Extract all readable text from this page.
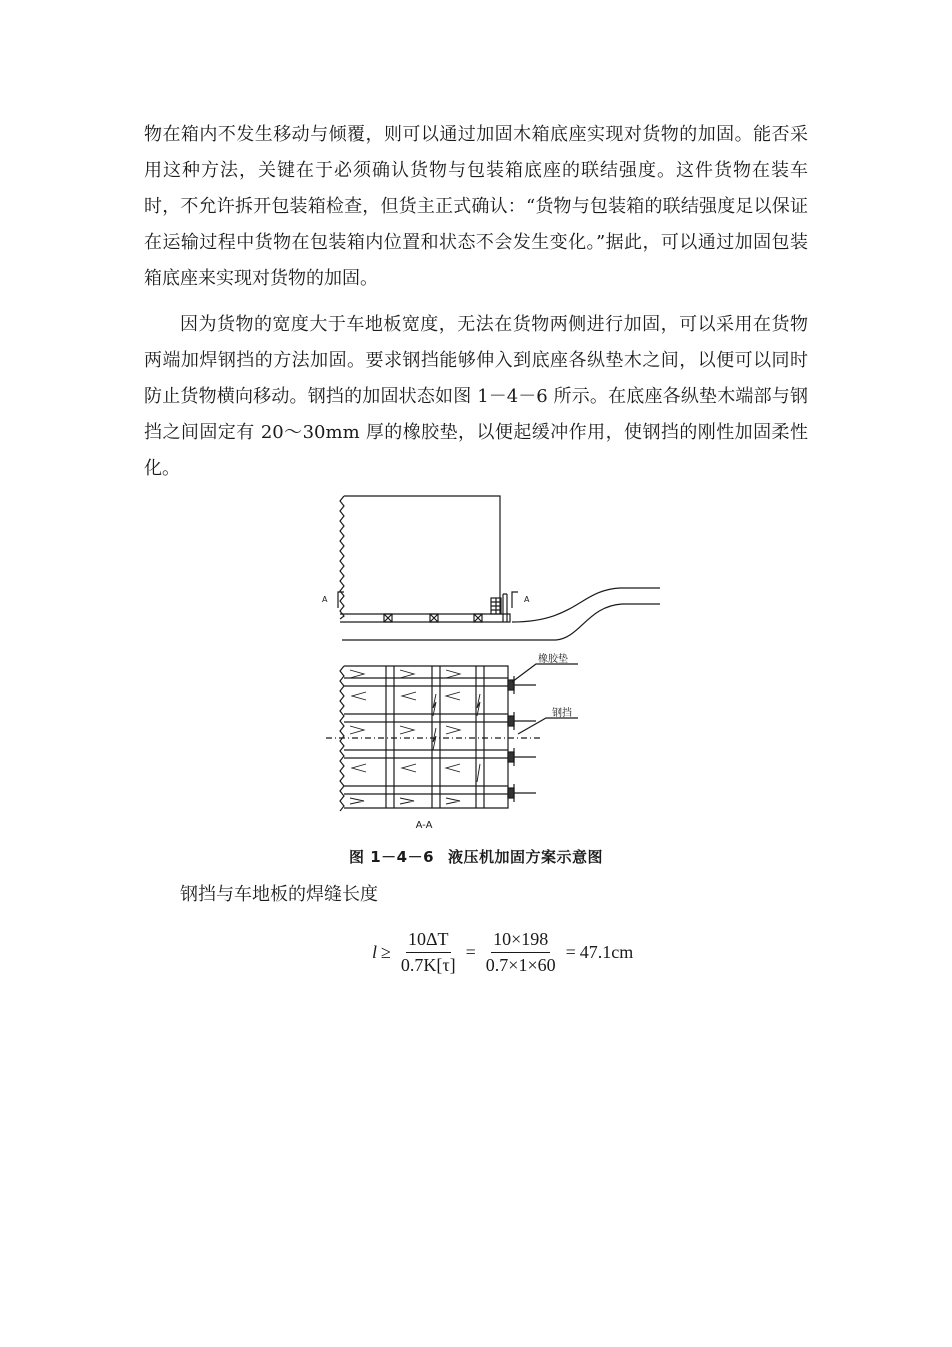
物在箱内不发生移动与倾覆，则可以通过加固木箱底座实现对货物的加固。能否采用这种方法，关键在于必须确认货物与包装箱底座的联结强度。这件货物在装车时，不允许拆开包装箱检查，但货主正式确认：“货物与包装箱的联结强度足以保证在运输过程中货物在包装箱内位置和状态不会发生变化。”据此，可以通过加固包装箱底座来实现对货物的加固。

因为货物的宽度大于车地板宽度，无法在货物两侧进行加固，可以采用在货物两端加焊钢挡的方法加固。要求钢挡能够伸入到底座各纵垫木之间，以便可以同时防止货物横向移动。钢挡的加固状态如图 1－4－6 所示。在底座各纵垫木端部与钢挡之间固定有 20～30mm 厚的橡胶垫，以便起缓冲作用，使钢挡的刚性加固柔性化。

A	A
橡胶垫
钢挡
A-A
图 1－4－6 液压机加固方案示意图
钢挡与车地板的焊缝长度
$l \ge \frac{10\Delta T}{0.7K[\tau]} = \frac{10\times 198}{0.7\times 1\times 60} = 47.1cm$
